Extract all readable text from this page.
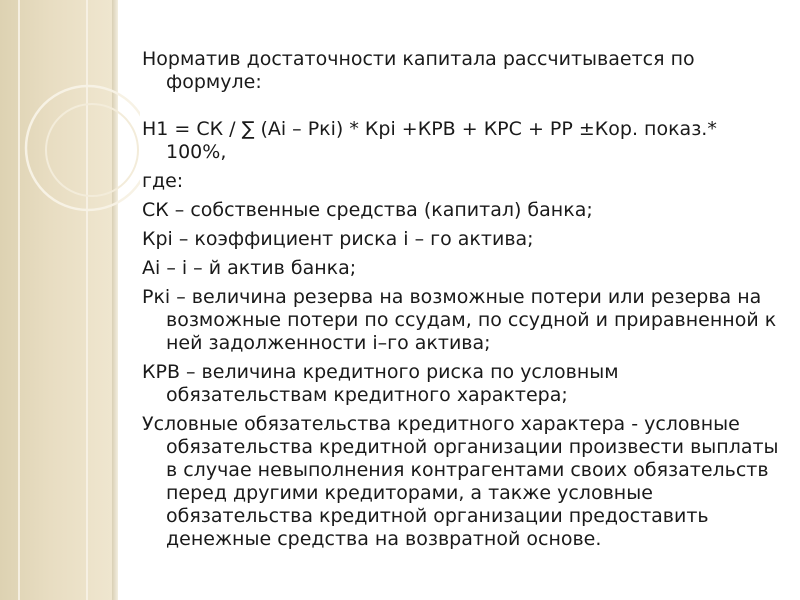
Норматив достаточности капитала рассчитывается по формуле:

Н1 = СК / ∑ (Аi – Pкi) * Кpi +КРВ + КРС + РР ±Кор. показ.* 100%,

где:

СК – собственные средства (капитал) банка;

Кpi – коэффициент риска i – го актива;

Аi – i – й актив банка;

Pкi – величина резерва на возможные потери или резерва на возможные потери по ссудам, по ссудной и приравненной к ней задолженности i–го актива;

КРВ – величина кредитного риска по условным обязательствам кредитного характера;

Условные обязательства кредитного характера - условные обязательства кредитной организации произвести выплаты в случае невыполнения контрагентами своих обязательств перед другими кредиторами, а также условные обязательства кредитной организации предоставить денежные средства на возвратной основе.
